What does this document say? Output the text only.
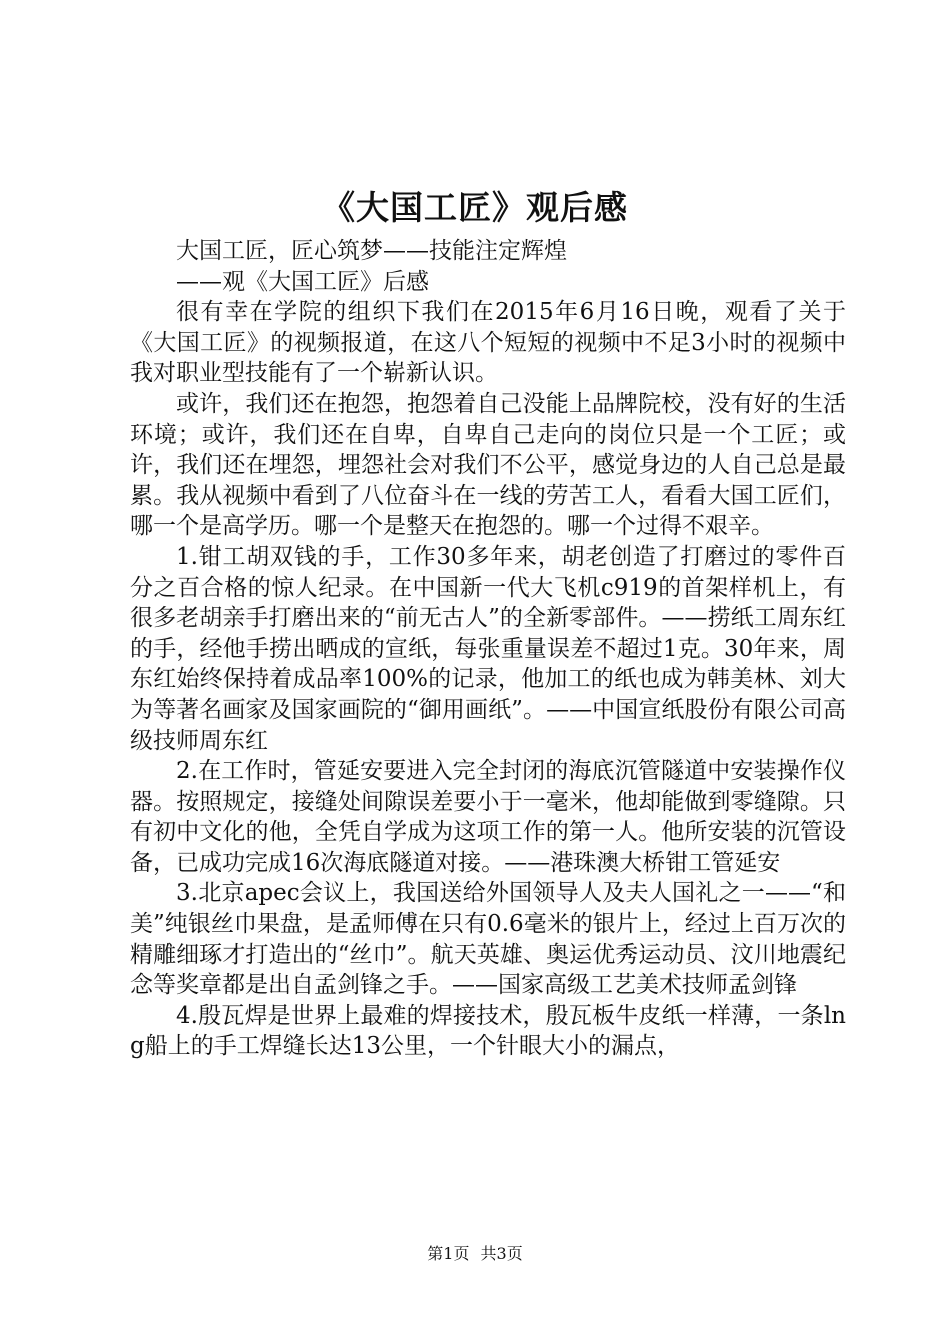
《大国工匠》观后感

大国工匠，匠心筑梦——技能注定辉煌

——观《大国工匠》后感

很有幸在学院的组织下我们在2015年6月16日晚，观看了关于《大国工匠》的视频报道，在这八个短短的视频中不足3小时的视频中我对职业型技能有了一个崭新认识。

或许，我们还在抱怨，抱怨着自己没能上品牌院校，没有好的生活环境；或许，我们还在自卑，自卑自己走向的岗位只是一个工匠；或许，我们还在埋怨，埋怨社会对我们不公平，感觉身边的人自己总是最累。我从视频中看到了八位奋斗在一线的劳苦工人，看看大国工匠们，哪一个是高学历。哪一个是整天在抱怨的。哪一个过得不艰辛。

1.钳工胡双钱的手，工作30多年来，胡老创造了打磨过的零件百分之百合格的惊人纪录。在中国新一代大飞机c919的首架样机上，有很多老胡亲手打磨出来的“前无古人”的全新零部件。——捞纸工周东红的手，经他手捞出晒成的宣纸，每张重量误差不超过1克。30年来，周东红始终保持着成品率100%的记录，他加工的纸也成为韩美林、刘大为等著名画家及国家画院的“御用画纸”。——中国宣纸股份有限公司高级技师周东红

2.在工作时，管延安要进入完全封闭的海底沉管隧道中安装操作仪器。按照规定，接缝处间隙误差要小于一毫米，他却能做到零缝隙。只有初中文化的他，全凭自学成为这项工作的第一人。他所安装的沉管设备，已成功完成16次海底隧道对接。——港珠澳大桥钳工管延安

3.北京apec会议上，我国送给外国领导人及夫人国礼之一——“和美”纯银丝巾果盘，是孟师傅在只有0.6毫米的银片上，经过上百万次的精雕细琢才打造出的“丝巾”。航天英雄、奥运优秀运动员、汶川地震纪念等奖章都是出自孟剑锋之手。——国家高级工艺美术技师孟剑锋

4.殷瓦焊是世界上最难的焊接技术，殷瓦板牛皮纸一样薄，一条lng船上的手工焊缝长达13公里，一个针眼大小的漏点，

第1页 共3页
